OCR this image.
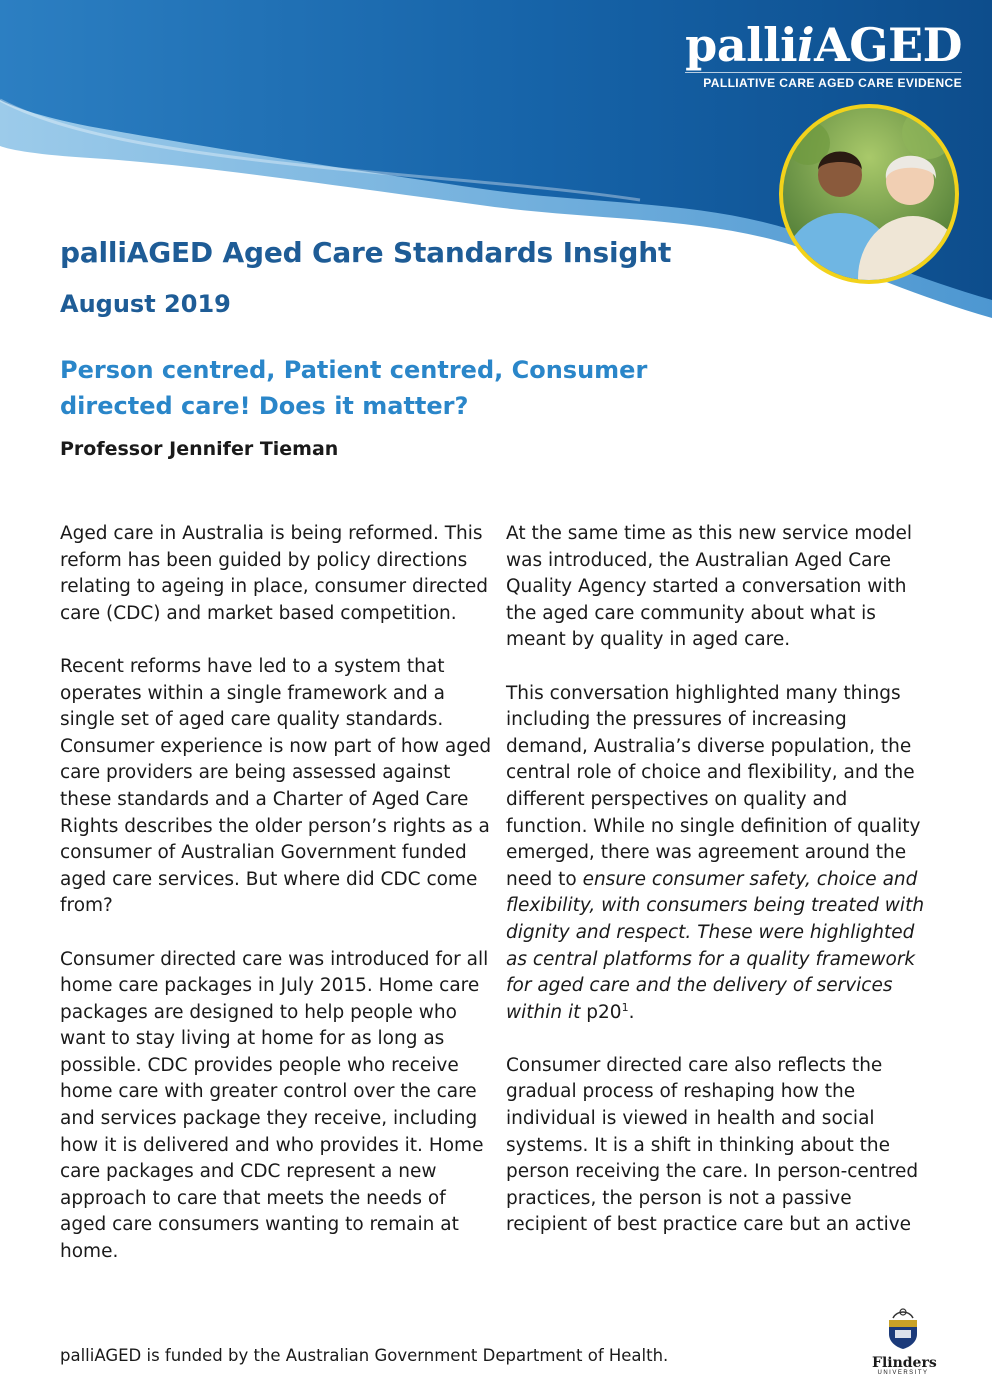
palliiAGED
PALLIATIVE CARE AGED CARE EVIDENCE
palliAGED Aged Care Standards Insight
August 2019
Person centred, Patient centred, Consumer directed care! Does it matter?
Professor Jennifer Tieman

Aged care in Australia is being reformed. This reform has been guided by policy directions relating to ageing in place, consumer directed care (CDC) and market based competition.

Recent reforms have led to a system that operates within a single framework and a single set of aged care quality standards. Consumer experience is now part of how aged care providers are being assessed against these standards and a Charter of Aged Care Rights describes the older person’s rights as a consumer of Australian Government funded aged care services. But where did CDC come from?

Consumer directed care was introduced for all home care packages in July 2015. Home care packages are designed to help people who want to stay living at home for as long as possible. CDC provides people who receive home care with greater control over the care and services package they receive, including how it is delivered and who provides it. Home care packages and CDC represent a new approach to care that meets the needs of aged care consumers wanting to remain at home.

At the same time as this new service model was introduced, the Australian Aged Care Quality Agency started a conversation with the aged care community about what is meant by quality in aged care.

This conversation highlighted many things including the pressures of increasing demand, Australia’s diverse population, the central role of choice and flexibility, and the different perspectives on quality and function. While no single definition of quality emerged, there was agreement around the need to ensure consumer safety, choice and flexibility, with consumers being treated with dignity and respect. These were highlighted as central platforms for a quality framework for aged care and the delivery of services within it $p20^1$.

Consumer directed care also reflects the gradual process of reshaping how the individual is viewed in health and social systems. It is a shift in thinking about the person receiving the care. In person-centred practices, the person is not a passive recipient of best practice care but an active

palliAGED is funded by the Australian Government Department of Health.	Flinders
UNIVERSITY
